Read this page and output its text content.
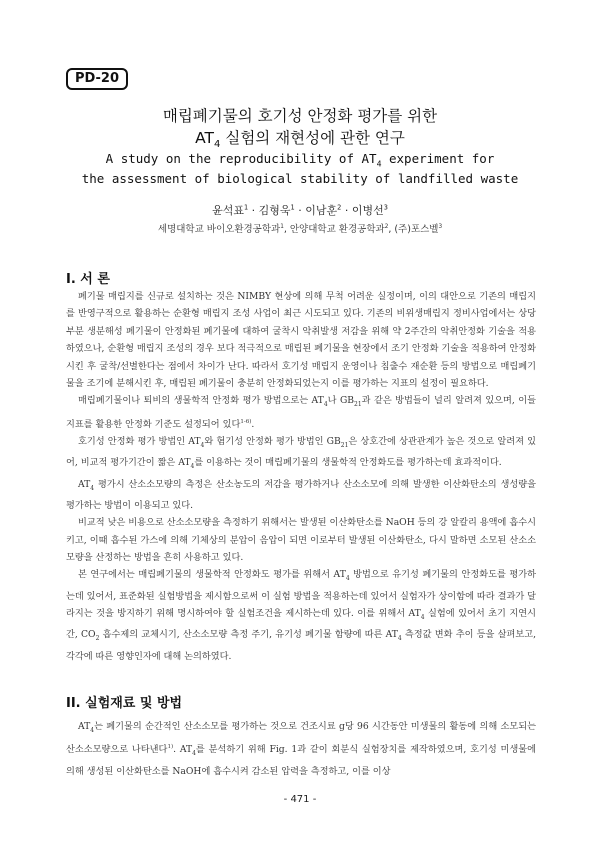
PD-20
매립폐기물의 호기성 안정화 평가를 위한
$AT_4$ 실험의 재현성에 관한 연구
A study on the reproducibility of $AT_4$ experiment for
the assessment of biological stability of landfilled waste
윤석표$^1$ · 김형욱$^1$ · 이남훈$^2$ · 이병선$^3$
세명대학교 바이오환경공학과$^1$, 안양대학교 환경공학과$^2$, (주)포스벨$^3$
I. 서 론

폐기물 매립지를 신규로 설치하는 것은 NIMBY 현상에 의해 무척 어려운 실정이며, 이의 대안으로 기존의 매립지를 반영구적으로 활용하는 순환형 매립지 조성 사업이 최근 시도되고 있다. 기존의 비위생매립지 정비사업에서는 상당 부분 생분해성 폐기물이 안정화된 폐기물에 대하여 굴착시 악취발생 저감을 위해 약 2주간의 악취안정화 기술을 적용하였으나, 순환형 매립지 조성의 경우 보다 적극적으로 매립된 폐기물을 현장에서 조기 안정화 기술을 적용하여 안정화시킨 후 굴착/선별한다는 점에서 차이가 난다. 따라서 호기성 매립지 운영이나 침출수 재순환 등의 방법으로 매립폐기물을 조기에 분해시킨 후, 매립된 폐기물이 충분히 안정화되었는지 이를 평가하는 지표의 설정이 필요하다.

매립폐기물이나 퇴비의 생물학적 안정화 평가 방법으로는 $AT_4$나 $GB_{21}$과 같은 방법들이 널리 알려져 있으며, 이들 지표를 활용한 안정화 기준도 설정되어 있다$^{1-6)}$.

호기성 안정화 평가 방법인 $AT_4$와 혐기성 안정화 평가 방법인 $GB_{21}$은 상호간에 상관관계가 높은 것으로 알려져 있어, 비교적 평가기간이 짧은 $AT_4$를 이용하는 것이 매립폐기물의 생물학적 안정화도를 평가하는데 효과적이다.

$AT_4$ 평가시 산소소모량의 측정은 산소농도의 저감을 평가하거나 산소소모에 의해 발생한 이산화탄소의 생성량을 평가하는 방법이 이용되고 있다.

비교적 낮은 비용으로 산소소모량을 측정하기 위해서는 발생된 이산화탄소를 NaOH 등의 강 알칼리 용액에 흡수시키고, 이때 흡수된 가스에 의해 기체상의 분압이 음압이 되면 이로부터 발생된 이산화탄소, 다시 말하면 소모된 산소소모량을 산정하는 방법을 흔히 사용하고 있다.

본 연구에서는 매립폐기물의 생물학적 안정화도 평가를 위해서 $AT_4$ 방법으로 유기성 폐기물의 안정화도를 평가하는데 있어서, 표준화된 실험방법을 제시함으로써 이 실험 방법을 적용하는데 있어서 실험자가 상이함에 따라 결과가 달라지는 것을 방지하기 위해 명시하여야 할 실험조건을 제시하는데 있다. 이를 위해서 $AT_4$ 실험에 있어서 초기 지연시간, $CO_2$ 흡수제의 교체시기, 산소소모량 측정 주기, 유기성 폐기물 함량에 따른 $AT_4$ 측정값 변화 추이 등을 살펴보고, 각각에 따른 영향인자에 대해 논의하였다.

II. 실험재료 및 방법

$AT_4$는 폐기물의 순간적인 산소소모를 평가하는 것으로 건조시료 g당 96 시간동안 미생물의 활동에 의해 소모되는 산소소모량으로 나타낸다$^{1)}$. $AT_4$를 분석하기 위해 Fig. 1과 같이 회분식 실험장치를 제작하였으며, 호기성 미생물에 의해 생성된 이산화탄소를 NaOH에 흡수시켜 감소된 압력을 측정하고, 이를 이상

- 471 -
